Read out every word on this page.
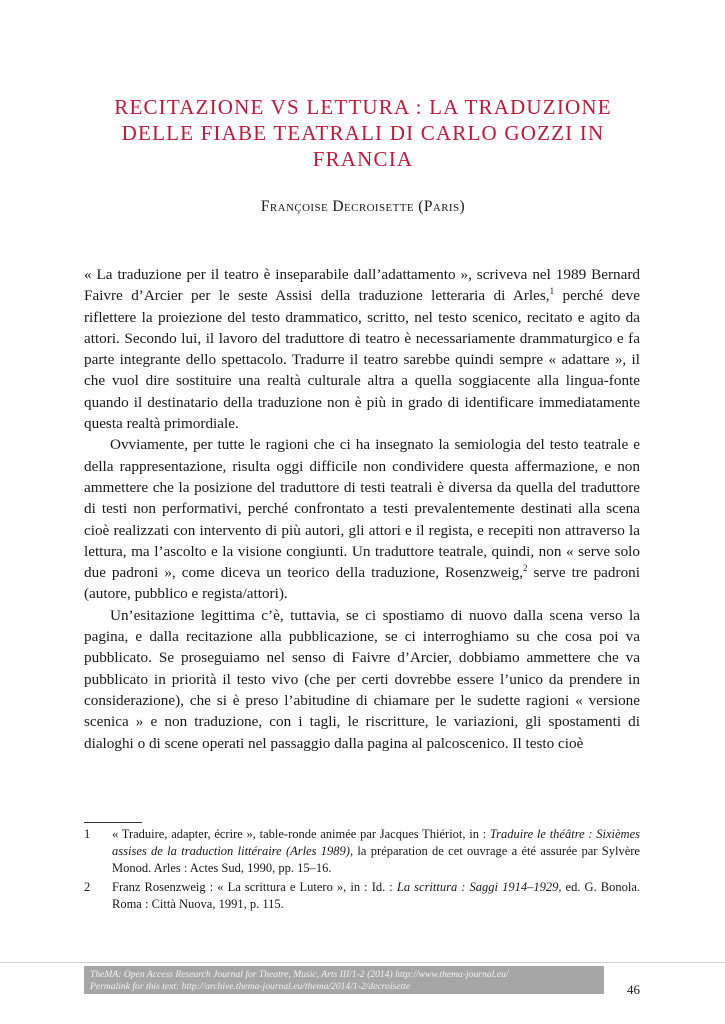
RECITAZIONE VS LETTURA : LA TRADUZIONE DELLE FIABE TEATRALI DI CARLO GOZZI IN FRANCIA
Françoise Decroisette (Paris)

« La traduzione per il teatro è inseparabile dall’adattamento », scriveva nel 1989 Bernard Faivre d’Arcier per le seste Assisi della traduzione letteraria di Arles,$^1$ perché deve riflettere la proiezione del testo drammatico, scritto, nel testo scenico, recitato e agito da attori. Secondo lui, il lavoro del traduttore di teatro è necessariamente drammaturgico e fa parte integrante dello spettacolo. Tradurre il teatro sarebbe quindi sempre « adattare », il che vuol dire sostituire una realtà culturale altra a quella soggiacente alla lingua-fonte quando il destinatario della traduzione non è più in grado di identificare immediatamente questa realtà primordiale.

Ovviamente, per tutte le ragioni che ci ha insegnato la semiologia del testo teatrale e della rappresentazione, risulta oggi difficile non condividere questa affermazione, e non ammettere che la posizione del traduttore di testi teatrali è diversa da quella del traduttore di testi non performativi, perché confrontato a testi prevalentemente destinati alla scena cioè realizzati con intervento di più autori, gli attori e il regista, e recepiti non attraverso la lettura, ma l’ascolto e la visione congiunti. Un traduttore teatrale, quindi, non « serve solo due padroni », come diceva un teorico della traduzione, Rosenzweig,$^2$ serve tre padroni (autore, pubblico e regista/attori).

Un’esitazione legittima c’è, tuttavia, se ci spostiamo di nuovo dalla scena verso la pagina, e dalla recitazione alla pubblicazione, se ci interroghiamo su che cosa poi va pubblicato. Se proseguiamo nel senso di Faivre d’Arcier, dobbiamo ammettere che va pubblicato in priorità il testo vivo (che per certi dovrebbe essere l’unico da prendere in considerazione), che si è preso l’abitudine di chiamare per le sudette ragioni « versione scenica » e non traduzione, con i tagli, le riscritture, le variazioni, gli spostamenti di dialoghi o di scene operati nel passaggio dalla pagina al palcoscenico. Il testo cioè

1	« Traduire, adapter, écrire », table-ronde animée par Jacques Thiériot, in : Traduire le théâtre : Sixièmes assises de la traduction littéraire (Arles 1989), la préparation de cet ouvrage a été assurée par Sylvère Monod. Arles : Actes Sud, 1990, pp. 15–16.
2	Franz Rosenzweig : « La scrittura e Lutero », in : Id. : La scrittura : Saggi 1914–1929, ed. G. Bonola. Roma : Città Nuova, 1991, p. 115.
TheMA: Open Access Research Journal for Theatre, Music, Arts III/1-2 (2014) http://www.thema-journal.eu/
Permalink for this text: http://archive.thema-journal.eu/thema/2014/1-2/decroisette	46
